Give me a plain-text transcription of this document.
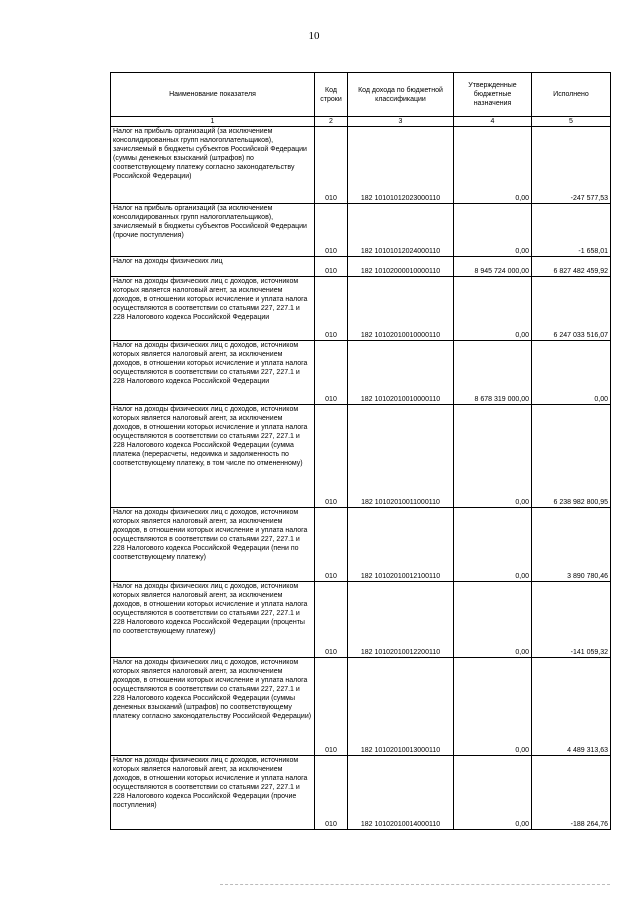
10
Наименование показателя	Код строки	Код дохода по бюджетной классификации	Утвержденные бюджетные назначения	Исполнено
1	2	3	4	5
Налог на прибыль организаций (за исключением консолидированных групп налогоплательщиков), зачисляемый в бюджеты субъектов Российской Федерации (суммы денежных взысканий (штрафов) по соответствующему платежу согласно законодательству Российской Федерации)	010	182 10101012023000110	0,00	-247 577,53
Налог на прибыль организаций (за исключением консолидированных групп налогоплательщиков), зачисляемый в бюджеты субъектов Российской Федерации (прочие поступления)	010	182 10101012024000110	0,00	-1 658,01
Налог на доходы физических лиц	010	182 10102000010000110	8 945 724 000,00	6 827 482 459,92
Налог на доходы физических лиц с доходов, источником которых является налоговый агент, за исключением доходов, в отношении которых исчисление и уплата налога осуществляются в соответствии со статьями 227, 227.1 и 228 Налогового кодекса Российской Федерации	010	182 10102010010000110	0,00	6 247 033 516,07
Налог на доходы физических лиц с доходов, источником которых является налоговый агент, за исключением доходов, в отношении которых исчисление и уплата налога осуществляются в соответствии со статьями 227, 227.1 и 228 Налогового кодекса Российской Федерации	010	182 10102010010000110	8 678 319 000,00	0,00
Налог на доходы физических лиц с доходов, источником которых является налоговый агент, за исключением доходов, в отношении которых исчисление и уплата налога осуществляются в соответствии со статьями 227, 227.1 и 228 Налогового кодекса Российской Федерации (сумма платежа (перерасчеты, недоимка и задолженность по соответствующему платежу, в том числе по отмененному)	010	182 10102010011000110	0,00	6 238 982 800,95
Налог на доходы физических лиц с доходов, источником которых является налоговый агент, за исключением доходов, в отношении которых исчисление и уплата налога осуществляются в соответствии со статьями 227, 227.1 и 228 Налогового кодекса Российской Федерации (пени по соответствующему платежу)	010	182 10102010012100110	0,00	3 890 780,46
Налог на доходы физических лиц с доходов, источником которых является налоговый агент, за исключением доходов, в отношении которых исчисление и уплата налога осуществляются в соответствии со статьями 227, 227.1 и 228 Налогового кодекса Российской Федерации (проценты по соответствующему платежу)	010	182 10102010012200110	0,00	-141 059,32
Налог на доходы физических лиц с доходов, источником которых является налоговый агент, за исключением доходов, в отношении которых исчисление и уплата налога осуществляются в соответствии со статьями 227, 227.1 и 228 Налогового кодекса Российской Федерации (суммы денежных взысканий (штрафов) по соответствующему платежу согласно законодательству Российской Федерации)	010	182 10102010013000110	0,00	4 489 313,63
Налог на доходы физических лиц с доходов, источником которых является налоговый агент, за исключением доходов, в отношении которых исчисление и уплата налога осуществляются в соответствии со статьями 227, 227.1 и 228 Налогового кодекса Российской Федерации (прочие поступления)	010	182 10102010014000110	0,00	-188 264,76
